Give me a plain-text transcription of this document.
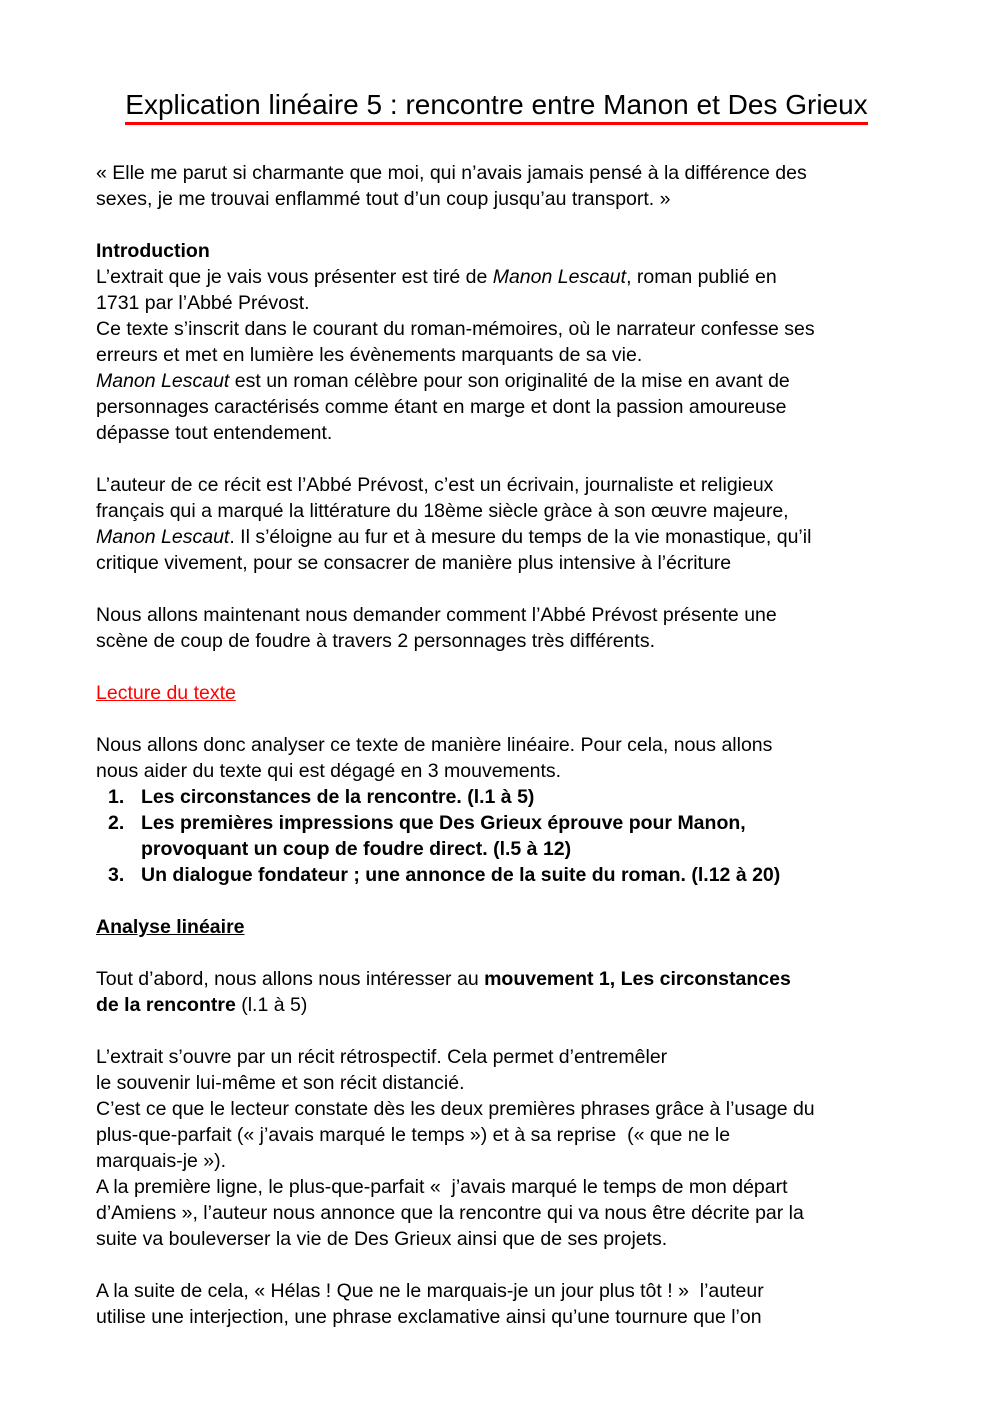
Explication linéaire 5 : rencontre entre Manon et Des Grieux
« Elle me parut si charmante que moi, qui n’avais jamais pensé à la différence des
sexes, je me trouvai enflammé tout d’un coup jusqu’au transport. »
Introduction
L’extrait que je vais vous présenter est tiré de Manon Lescaut, roman publié en
1731 par l’Abbé Prévost.
Ce texte s’inscrit dans le courant du roman-mémoires, où le narrateur confesse ses
erreurs et met en lumière les évènements marquants de sa vie.
Manon Lescaut est un roman célèbre pour son originalité de la mise en avant de
personnages caractérisés comme étant en marge et dont la passion amoureuse
dépasse tout entendement.
L’auteur de ce récit est l’Abbé Prévost, c’est un écrivain, journaliste et religieux
français qui a marqué la littérature du 18ème siècle gràce à son œuvre majeure,
Manon Lescaut. Il s’éloigne au fur et à mesure du temps de la vie monastique, qu’il
critique vivement, pour se consacrer de manière plus intensive à l’écriture
Nous allons maintenant nous demander comment l’Abbé Prévost présente une
scène de coup de foudre à travers 2 personnages très différents.
Lecture du texte
Nous allons donc analyser ce texte de manière linéaire. Pour cela, nous allons
nous aider du texte qui est dégagé en 3 mouvements.
1. Les circonstances de la rencontre. (l.1 à 5)
2. Les premières impressions que Des Grieux éprouve pour Manon,
provoquant un coup de foudre direct. (l.5 à 12)
3. Un dialogue fondateur ; une annonce de la suite du roman. (l.12 à 20)
Analyse linéaire
Tout d’abord, nous allons nous intéresser au mouvement 1, Les circonstances
de la rencontre (l.1 à 5)
L’extrait s’ouvre par un récit rétrospectif. Cela permet d’entremêler
le souvenir lui-même et son récit distancié.
C’est ce que le lecteur constate dès les deux premières phrases grâce à l’usage du
plus-que-parfait (« j’avais marqué le temps ») et à sa reprise  (« que ne le
marquais-je »).
A la première ligne, le plus-que-parfait «  j’avais marqué le temps de mon départ
d’Amiens », l’auteur nous annonce que la rencontre qui va nous être décrite par la
suite va bouleverser la vie de Des Grieux ainsi que de ses projets.
A la suite de cela, « Hélas ! Que ne le marquais-je un jour plus tôt ! »  l’auteur
utilise une interjection, une phrase exclamative ainsi qu’une tournure que l’on
